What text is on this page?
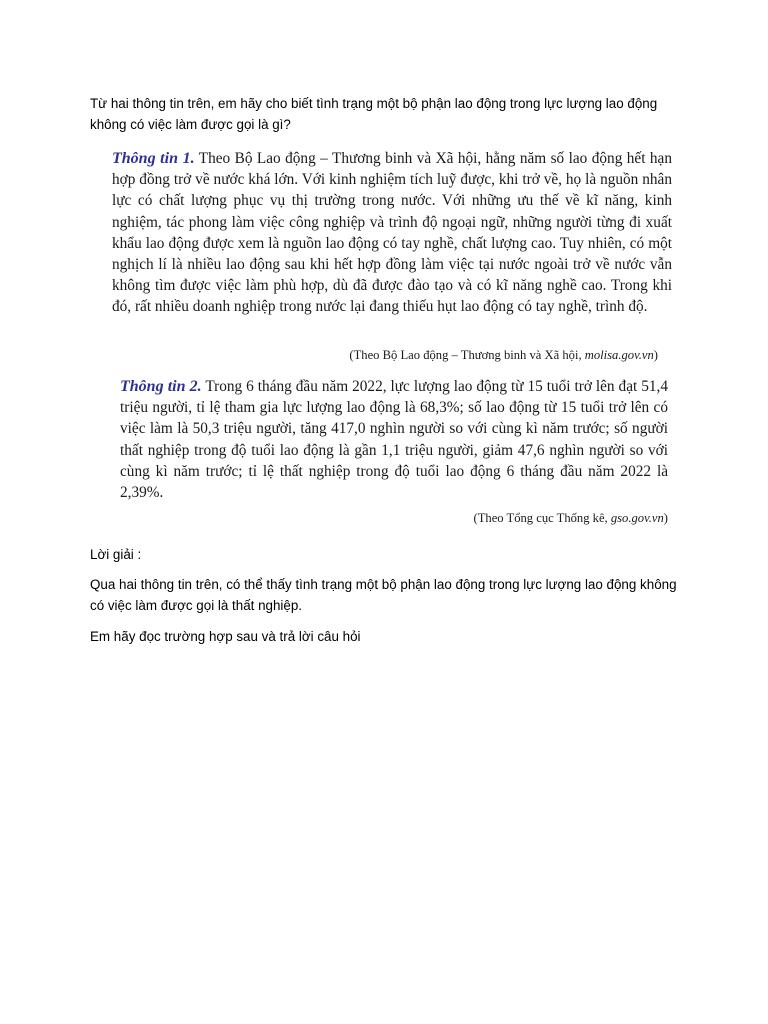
Từ hai thông tin trên, em hãy cho biết tình trạng một bộ phận lao động trong lực lượng lao động không có việc làm được gọi là gì?

Thông tin 1. Theo Bộ Lao động – Thương binh và Xã hội, hằng năm số lao động hết hạn hợp đồng trở về nước khá lớn. Với kinh nghiệm tích luỹ được, khi trở về, họ là nguồn nhân lực có chất lượng phục vụ thị trường trong nước. Với những ưu thế về kĩ năng, kinh nghiệm, tác phong làm việc công nghiệp và trình độ ngoại ngữ, những người từng đi xuất khẩu lao động được xem là nguồn lao động có tay nghề, chất lượng cao. Tuy nhiên, có một nghịch lí là nhiều lao động sau khi hết hợp đồng làm việc tại nước ngoài trở về nước vẫn không tìm được việc làm phù hợp, dù đã được đào tạo và có kĩ năng nghề cao. Trong khi đó, rất nhiều doanh nghiệp trong nước lại đang thiếu hụt lao động có tay nghề, trình độ.

(Theo Bộ Lao động – Thương binh và Xã hội, molisa.gov.vn)

Thông tin 2. Trong 6 tháng đầu năm 2022, lực lượng lao động từ 15 tuổi trở lên đạt 51,4 triệu người, tỉ lệ tham gia lực lượng lao động là 68,3%; số lao động từ 15 tuổi trở lên có việc làm là 50,3 triệu người, tăng 417,0 nghìn người so với cùng kì năm trước; số người thất nghiệp trong độ tuổi lao động là gần 1,1 triệu người, giảm 47,6 nghìn người so với cùng kì năm trước; tỉ lệ thất nghiệp trong độ tuổi lao động 6 tháng đầu năm 2022 là 2,39%.

(Theo Tổng cục Thống kê, gso.gov.vn)

Lời giải :

Qua hai thông tin trên, có thể thấy tình trạng một bộ phận lao động trong lực lượng lao động không có việc làm được gọi là thất nghiệp.

Em hãy đọc trường hợp sau và trả lời câu hỏi
